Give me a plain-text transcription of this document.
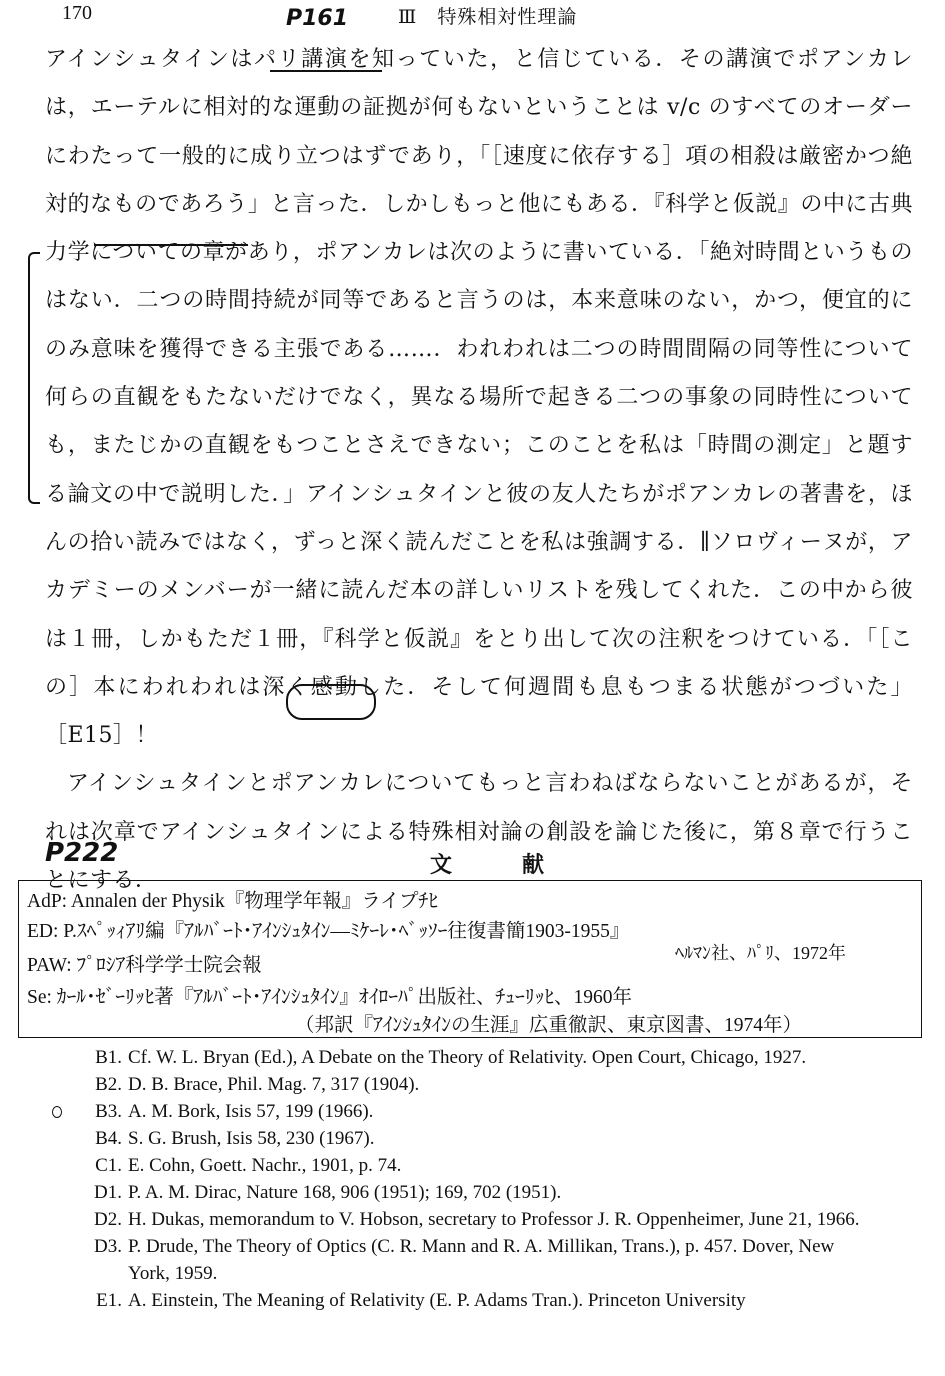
170	Ⅲ　特殊相対性理論
P161

アインシュタインはパリ講演を知っていた，と信じている．その講演でポアンカレは，エーテルに相対的な運動の証拠が何もないということは v/c のすべてのオーダーにわたって一般的に成り立つはずであり，「［速度に依存する］項の相殺は厳密かつ絶対的なものであろう」と言った．しかしもっと他にもある．『科学と仮説』の中に古典力学についての章があり，ポアンカレは次のように書いている．「絶対時間というものはない．二つの時間持続が同等であると言うのは，本来意味のない，かつ，便宜的にのみ意味を獲得できる主張である……．われわれは二つの時間間隔の同等性について何らの直観をもたないだけでなく，異なる場所で起きる二つの事象の同時性についても，またじかの直観をもつことさえできない；このことを私は「時間の測定」と題する論文の中で説明した．」アインシュタインと彼の友人たちがポアンカレの著書を，ほんの拾い読みではなく，ずっと深く読んだことを私は強調する．∥ソロヴィーヌが，アカデミーのメンバーが一緒に読んだ本の詳しいリストを残してくれた．この中から彼は１冊，しかもただ１冊，『科学と仮説』をとり出して次の注釈をつけている．「［この］本にわれわれは深く感動した．そして何週間も息もつまる状態がつづいた」［E15］！

アインシュタインとポアンカレについてもっと言わねばならないことがあるが，それは次章でアインシュタインによる特殊相対論の創設を論じた後に，第８章で行うことにする．

P222	文　献
AdP: Annalen der Physik『物理学年報』ライプﾁﾋ
ED: P.ｽﾍﾟｯｨｱﾘ編『ｱﾙﾊﾞｰﾄ･ｱｲﾝｼｭﾀｲﾝ―ﾐｹｰﾚ･ﾍﾞｯｿｰ往復書簡1903-1955』
ﾍﾙﾏﾝ社、ﾊﾟﾘ、1972年
PAW: ﾌﾟﾛｼｱ科学学士院会報
Se: ｶｰﾙ･ｾﾞｰﾘｯﾋ著『ｱﾙﾊﾞｰﾄ･ｱｲﾝｼｭﾀｲﾝ』ｵｲﾛｰﾊﾟ出版社、ﾁｭｰﾘｯﾋ、1960年
（邦訳『ｱｲﾝｼｭﾀｲﾝの生涯』広重徹訳、東京図書、1974年）
B1. Cf. W. L. Bryan (Ed.), A Debate on the Theory of Relativity. Open Court, Chicago, 1927.
B2. D. B. Brace, Phil. Mag. 7, 317 (1904).
B3. A. M. Bork, Isis 57, 199 (1966).
B4. S. G. Brush, Isis 58, 230 (1967).
C1. E. Cohn, Goett. Nachr., 1901, p. 74.
D1. P. A. M. Dirac, Nature 168, 906 (1951); 169, 702 (1951).
D2. H. Dukas, memorandum to V. Hobson, secretary to Professor J. R. Oppenheimer, June 21, 1966.
D3. P. Drude, The Theory of Optics (C. R. Mann and R. A. Millikan, Trans.), p. 457. Dover, New York, 1959.
E1. A. Einstein, The Meaning of Relativity (E. P. Adams Tran.). Princeton University
